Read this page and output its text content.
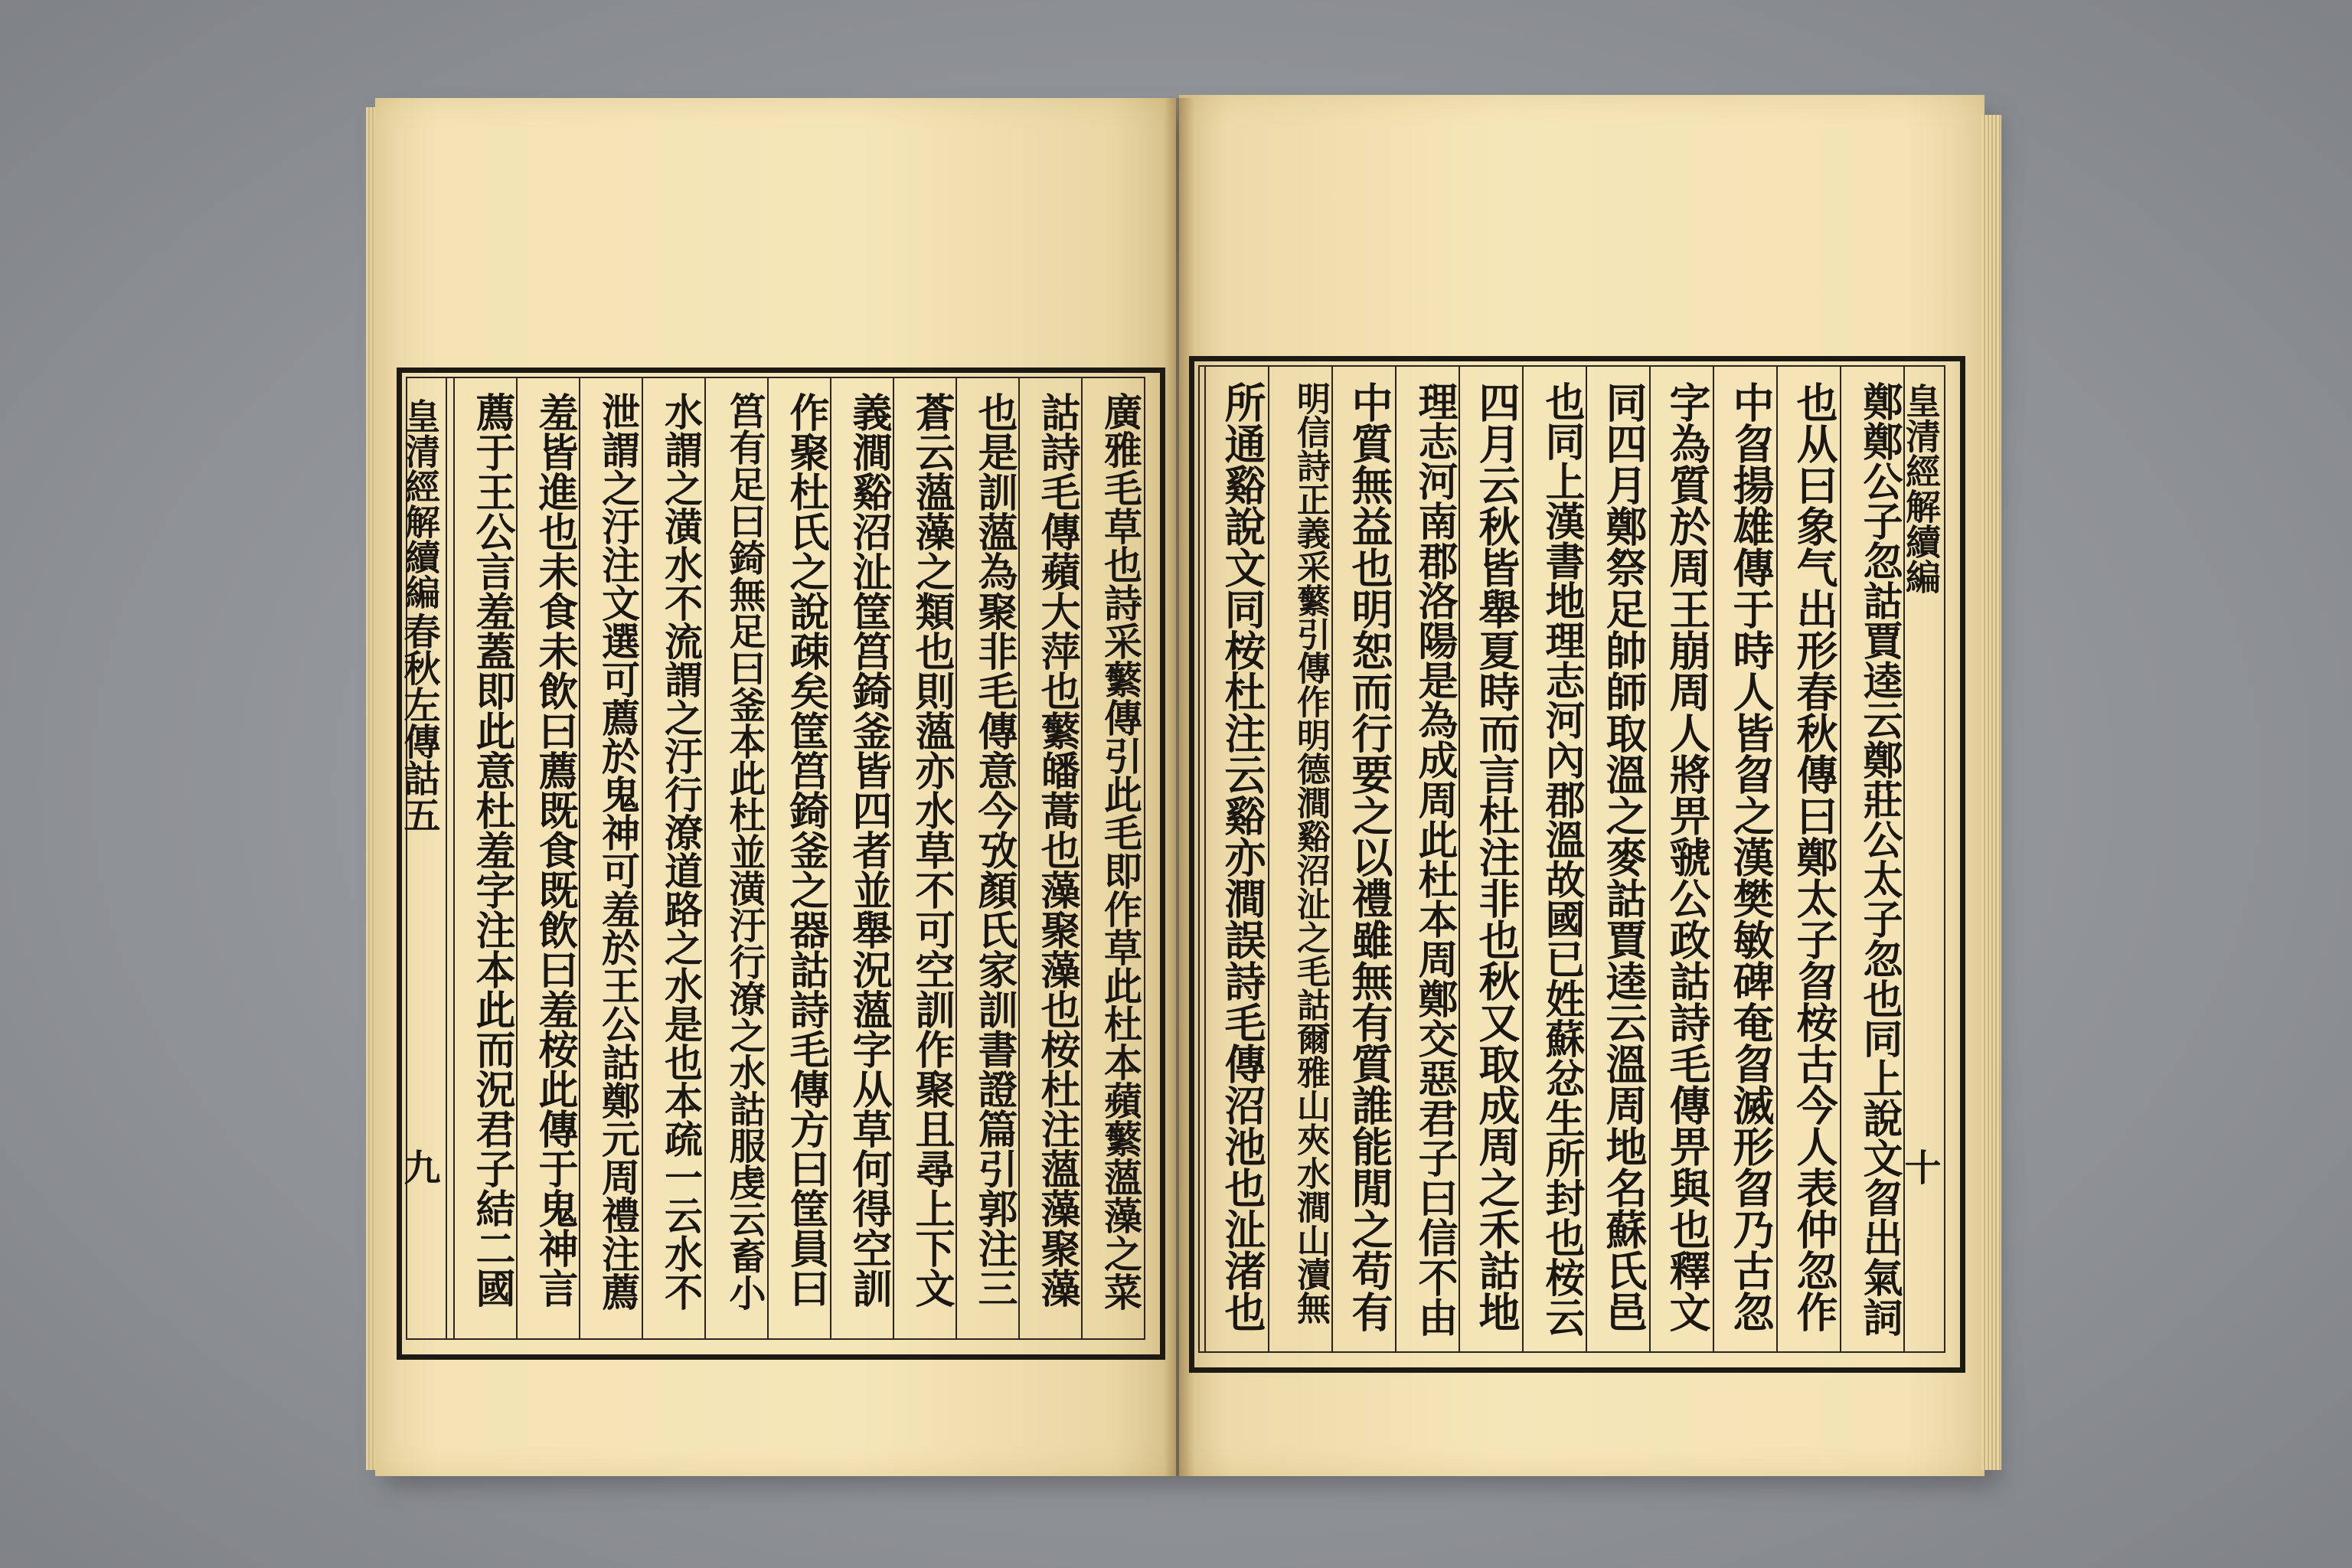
皇清經解續編
春秋左傳詁五
九	廣雅毛草也詩采蘩傳引此毛即作草此杜本蘋蘩薀藻之菜
詁詩毛傳蘋大萍也蘩皤蒿也藻聚藻也桉杜注薀藻聚藻
也是訓薀為聚非毛傳意今攷顏氏家訓書證篇引郭注三
蒼云薀藻之類也則薀亦水草不可空訓作聚且尋上下文
義澗谿沼沚筐筥錡釜皆四者並舉況薀字从草何得空訓
作聚杜氏之說疎矣筐筥錡釜之器詁詩毛傳方曰筐員曰
筥有足曰錡無足曰釜本此杜並潢汙行潦之水詁服虔云畜小
水謂之潢水不流謂之汙行潦道路之水是也本疏一云水不
泄謂之汙注文選可薦於鬼神可羞於王公詁鄭元周禮注薦
羞皆進也未食未飲曰薦既食既飲曰羞桉此傳于鬼神言
薦于王公言羞蓋即此意杜羞字注本此而況君子結二國	皇清經解續編
十
鄭鄭公子忽詁賈逵云鄭莊公太子忽也同上說文曶出氣詞
也从曰象气出形春秋傳曰鄭太子曶桉古今人表仲忽作
中曶揚雄傳于時人皆曶之漢樊敏碑奄曶滅形曶乃古忽
字為質於周王崩周人將畀虢公政詁詩毛傳畀與也釋文
同四月鄭祭足帥師取溫之麥詁賈逵云溫周地名蘇氏邑
也同上漢書地理志河內郡溫故國已姓蘇忿生所封也桉云
四月云秋皆舉夏時而言杜注非也秋又取成周之禾詁地
理志河南郡洛陽是為成周此杜本周鄭交惡君子曰信不由
中質無益也明恕而行要之以禮雖無有質誰能閒之苟有
明信詩正義采蘩引傳作明德澗谿沼沚之毛詁爾雅山夾水澗山瀆無
所通谿說文同桉杜注云谿亦澗誤詩毛傳沼池也沚渚也
